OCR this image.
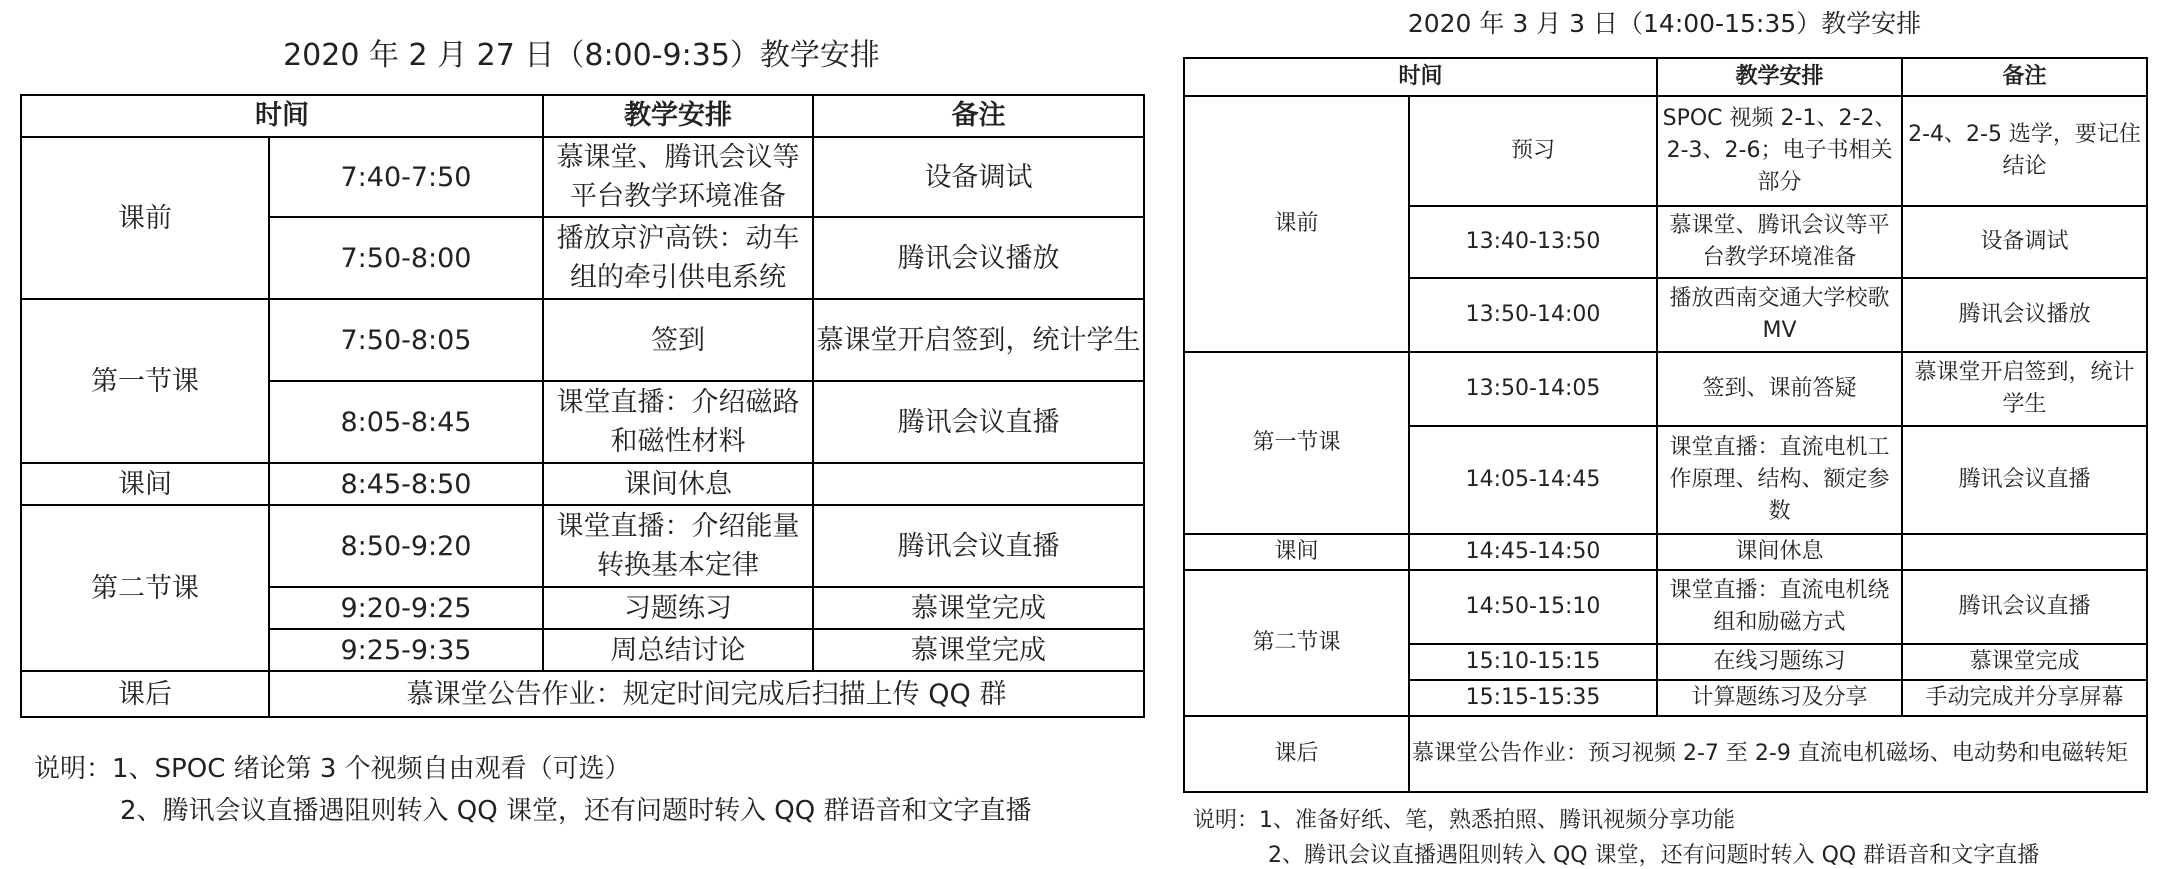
2020 年 2 月 27 日（8:00-9:35）教学安排
时间		教学安排	备注
课前	7:40-7:50	慕课堂、腾讯会议等平台教学环境准备	设备调试
	7:50-8:00	播放京沪高铁：动车组的牵引供电系统	腾讯会议播放
第一节课	7:50-8:05	签到	慕课堂开启签到，统计学生
	8:05-8:45	课堂直播：介绍磁路和磁性材料	腾讯会议直播
课间	8:45-8:50	课间休息	
第二节课	8:50-9:20	课堂直播：介绍能量转换基本定律	腾讯会议直播
	9:20-9:25	习题练习	慕课堂完成
	9:25-9:35	周总结讨论	慕课堂完成
课后	慕课堂公告作业：规定时间完成后扫描上传 QQ 群		
说明：1、SPOC 绪论第 3 个视频自由观看（可选）
2、腾讯会议直播遇阻则转入 QQ 课堂，还有问题时转入 QQ 群语音和文字直播
2020 年 3 月 3 日（14:00-15:35）教学安排
时间		教学安排	备注
课前	预习	SPOC 视频 2-1、2-2、2-3、2-6；电子书相关部分	2-4、2-5 选学，要记住结论
	13:40-13:50	慕课堂、腾讯会议等平台教学环境准备	设备调试
	13:50-14:00	播放西南交通大学校歌 MV	腾讯会议播放
第一节课	13:50-14:05	签到、课前答疑	慕课堂开启签到，统计学生
	14:05-14:45	课堂直播：直流电机工作原理、结构、额定参数	腾讯会议直播
课间	14:45-14:50	课间休息	
第二节课	14:50-15:10	课堂直播：直流电机绕组和励磁方式	腾讯会议直播
	15:10-15:15	在线习题练习	慕课堂完成
	15:15-15:35	计算题练习及分享	手动完成并分享屏幕
课后	慕课堂公告作业：预习视频 2-7 至 2-9 直流电机磁场、电动势和电磁转矩		
说明：1、准备好纸、笔，熟悉拍照、腾讯视频分享功能
2、腾讯会议直播遇阻则转入 QQ 课堂，还有问题时转入 QQ 群语音和文字直播
